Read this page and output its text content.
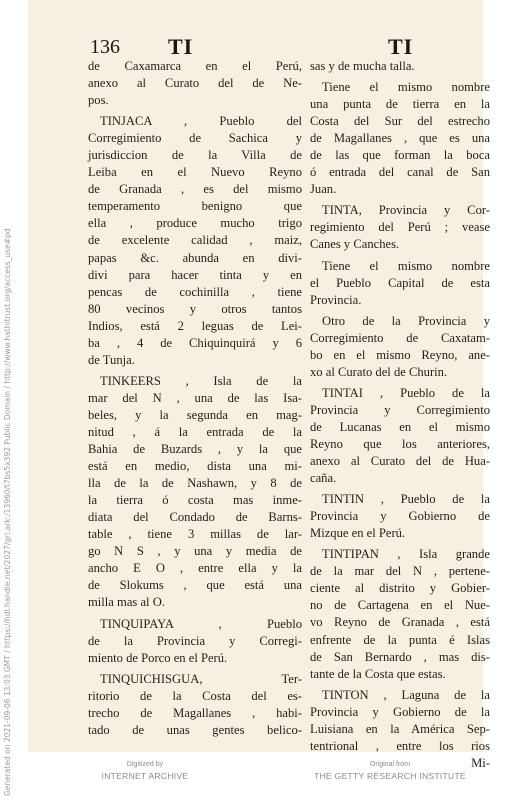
Generated on 2021-09-06 13:03 GMT / https://hdl.handle.net/2027/gri.ark:/13960/t7bs5x392 Public Domain / http://www.hathitrust.org/access_use#pd
136 TI	TI
de Caxamarca en el Perú,
anexo al Curato del de Ne-
pos.
TINJACA , Pueblo del
Corregimiento de Sachica y
jurisdiccion de la Villa de
Leiba en el Nuevo Reyno
de Granada , es del mismo
temperamento benigno que
ella , produce mucho trigo
de excelente calidad , maiz,
papas &c. abunda en divi-
divi para hacer tinta y en
pencas de cochinilla , tiene
80 vecinos y otros tantos
Indios, está 2 leguas de Lei-
ba , 4 de Chiquinquirá y 6
de Tunja.
TINKEERS , Isla de la
mar del N , una de las Isa-
beles, y la segunda en mag-
nitud , á la entrada de la
Bahia de Buzards , y la que
está en medio, dista una mi-
lla de la de Nashawn, y 8 de
la tierra ó costa mas inme-
diata del Condado de Barns-
table , tiene 3 millas de lar-
go N S , y una y media de
ancho E O , entre ella y la
de Slokums , que está una
milla mas al O.
TINQUIPAYA , Pueblo
de la Provincia y Corregi-
miento de Porco en el Perú.
TINQUICHISGUA, Ter-
ritorio de la Costa del es-
trecho de Magallanes , habi-
tado de unas gentes belico-
sas y de mucha talla.
Tiene el mismo nombre
una punta de tierra en la
Costa del Sur del estrecho
de Magallanes , que es una
de las que forman la boca
ó entrada del canal de San
Juan.
TINTA, Provincia y Cor-
regimiento del Perú ; vease
Canes y Canches.
Tiene el mismo nombre
el Pueblo Capital de esta
Provincia.
Otro de la Provincia y
Corregimiento de Caxatam-
bo en el mismo Reyno, ane-
xo al Curato del de Churin.
TINTAI , Pueblo de la
Provincia y Corregimiento
de Lucanas en el mismo
Reyno que los anteriores,
anexo al Curato del de Hua-
caña.
TINTIN , Pueblo de la
Provincia y Gobierno de
Mizque en el Perú.
TINTIPAN , Isla grande
de la mar del N , pertene-
ciente al distrito y Gobier-
no de Cartagena en el Nue-
vo Reyno de Granada , está
enfrente de la punta é Islas
de San Bernardo , mas dis-
tante de la Costa que estas.
TINTON , Laguna de la
Provincia y Gobierno de la
Luisiana en la América Sep-
tentrional , entre los rios
Mi-
Digitized by
INTERNET ARCHIVE
Original from
THE GETTY RESEARCH INSTITUTE
